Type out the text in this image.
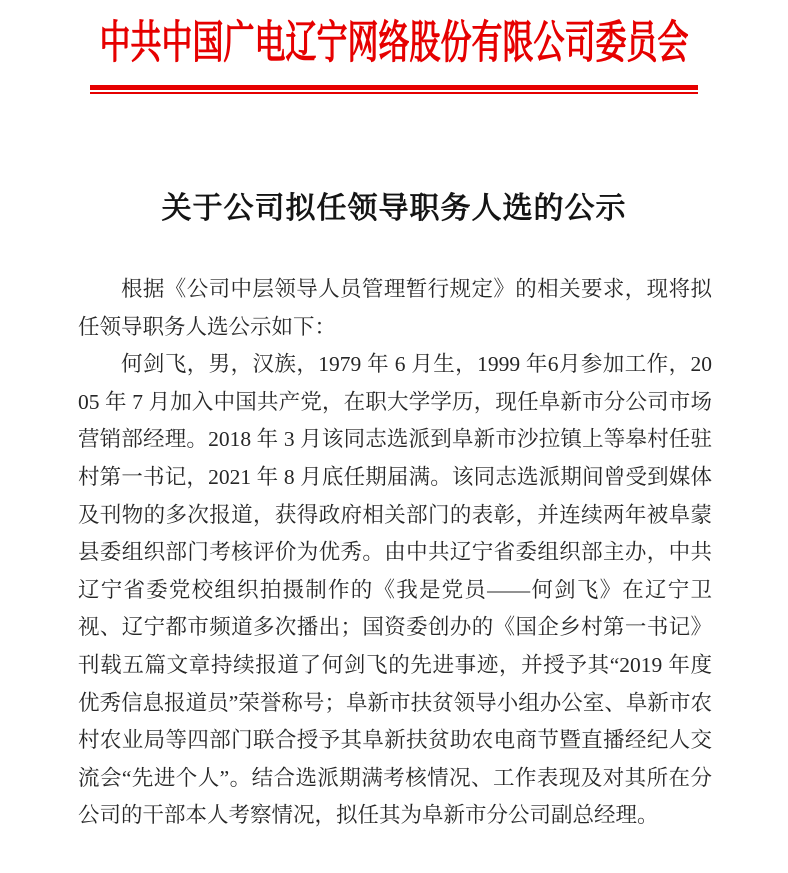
中共中国广电辽宁网络股份有限公司委员会
关于公司拟任领导职务人选的公示

根据《公司中层领导人员管理暂行规定》的相关要求，现将拟任领导职务人选公示如下：

何剑飞，男，汉族，1979 年 6 月生，1999 年6月参加工作，2005 年 7 月加入中国共产党，在职大学学历，现任阜新市分公司市场营销部经理。2018 年 3 月该同志选派到阜新市沙拉镇上等皋村任驻村第一书记，2021 年 8 月底任期届满。该同志选派期间曾受到媒体及刊物的多次报道，获得政府相关部门的表彰，并连续两年被阜蒙县委组织部门考核评价为优秀。由中共辽宁省委组织部主办，中共辽宁省委党校组织拍摄制作的《我是党员——何剑飞》在辽宁卫视、辽宁都市频道多次播出；国资委创办的《国企乡村第一书记》刊载五篇文章持续报道了何剑飞的先进事迹，并授予其“2019 年度优秀信息报道员”荣誉称号；阜新市扶贫领导小组办公室、阜新市农村农业局等四部门联合授予其阜新扶贫助农电商节暨直播经纪人交流会“先进个人”。结合选派期满考核情况、工作表现及对其所在分公司的干部本人考察情况，拟任其为阜新市分公司副总经理。
